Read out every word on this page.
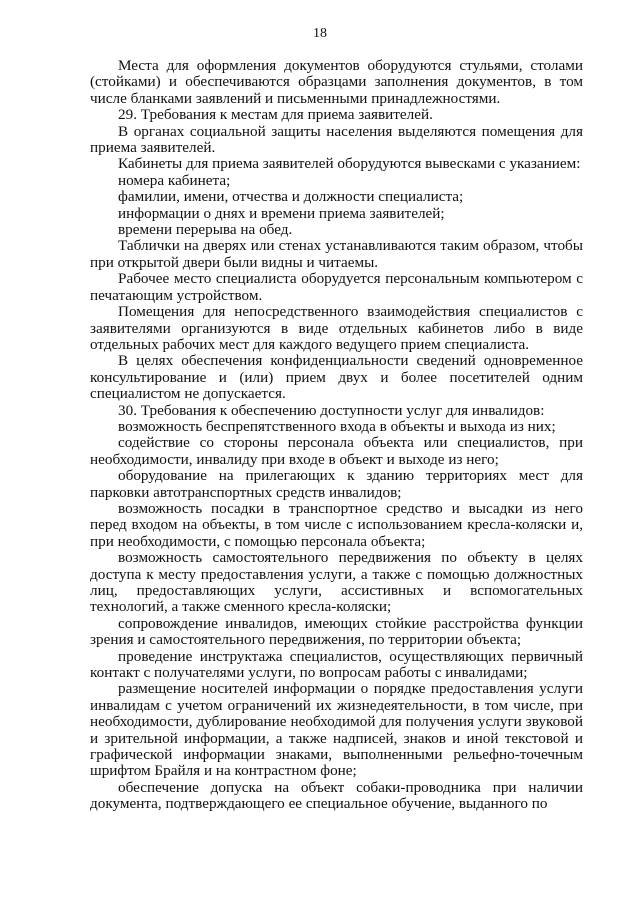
18

Места для оформления документов оборудуются стульями, столами (стойками) и обеспечиваются образцами заполнения документов, в том числе бланками заявлений и письменными принадлежностями.

29. Требования к местам для приема заявителей.

В органах социальной защиты населения выделяются помещения для приема заявителей.

Кабинеты для приема заявителей оборудуются вывесками с указанием:

номера кабинета;

фамилии, имени, отчества и должности специалиста;

информации о днях и времени приема заявителей;

времени перерыва на обед.

Таблички на дверях или стенах устанавливаются таким образом, чтобы при открытой двери были видны и читаемы.

Рабочее место специалиста оборудуется персональным компьютером с печатающим устройством.

Помещения для непосредственного взаимодействия специалистов с заявителями организуются в виде отдельных кабинетов либо в виде отдельных рабочих мест для каждого ведущего прием специалиста.

В целях обеспечения конфиденциальности сведений одновременное консультирование и (или) прием двух и более посетителей одним специалистом не допускается.

30. Требования к обеспечению доступности услуг для инвалидов:

возможность беспрепятственного входа в объекты и выхода из них;

содействие со стороны персонала объекта или специалистов, при необходимости, инвалиду при входе в объект и выходе из него;

оборудование на прилегающих к зданию территориях мест для парковки автотранспортных средств инвалидов;

возможность посадки в транспортное средство и высадки из него перед входом на объекты, в том числе с использованием кресла-коляски и, при необходимости, с помощью персонала объекта;

возможность самостоятельного передвижения по объекту в целях доступа к месту предоставления услуги, а также с помощью должностных лиц, предоставляющих услуги, ассистивных и вспомогательных технологий, а также сменного кресла-коляски;

сопровождение инвалидов, имеющих стойкие расстройства функции зрения и самостоятельного передвижения, по территории объекта;

проведение инструктажа специалистов, осуществляющих первичный контакт с получателями услуги, по вопросам работы с инвалидами;

размещение носителей информации о порядке предоставления услуги инвалидам с учетом ограничений их жизнедеятельности, в том числе, при необходимости, дублирование необходимой для получения услуги звуковой и зрительной информации, а также надписей, знаков и иной текстовой и графической информации знаками, выполненными рельефно-точечным шрифтом Брайля и на контрастном фоне;

обеспечение допуска на объект собаки-проводника при наличии документа, подтверждающего ее специальное обучение, выданного по
